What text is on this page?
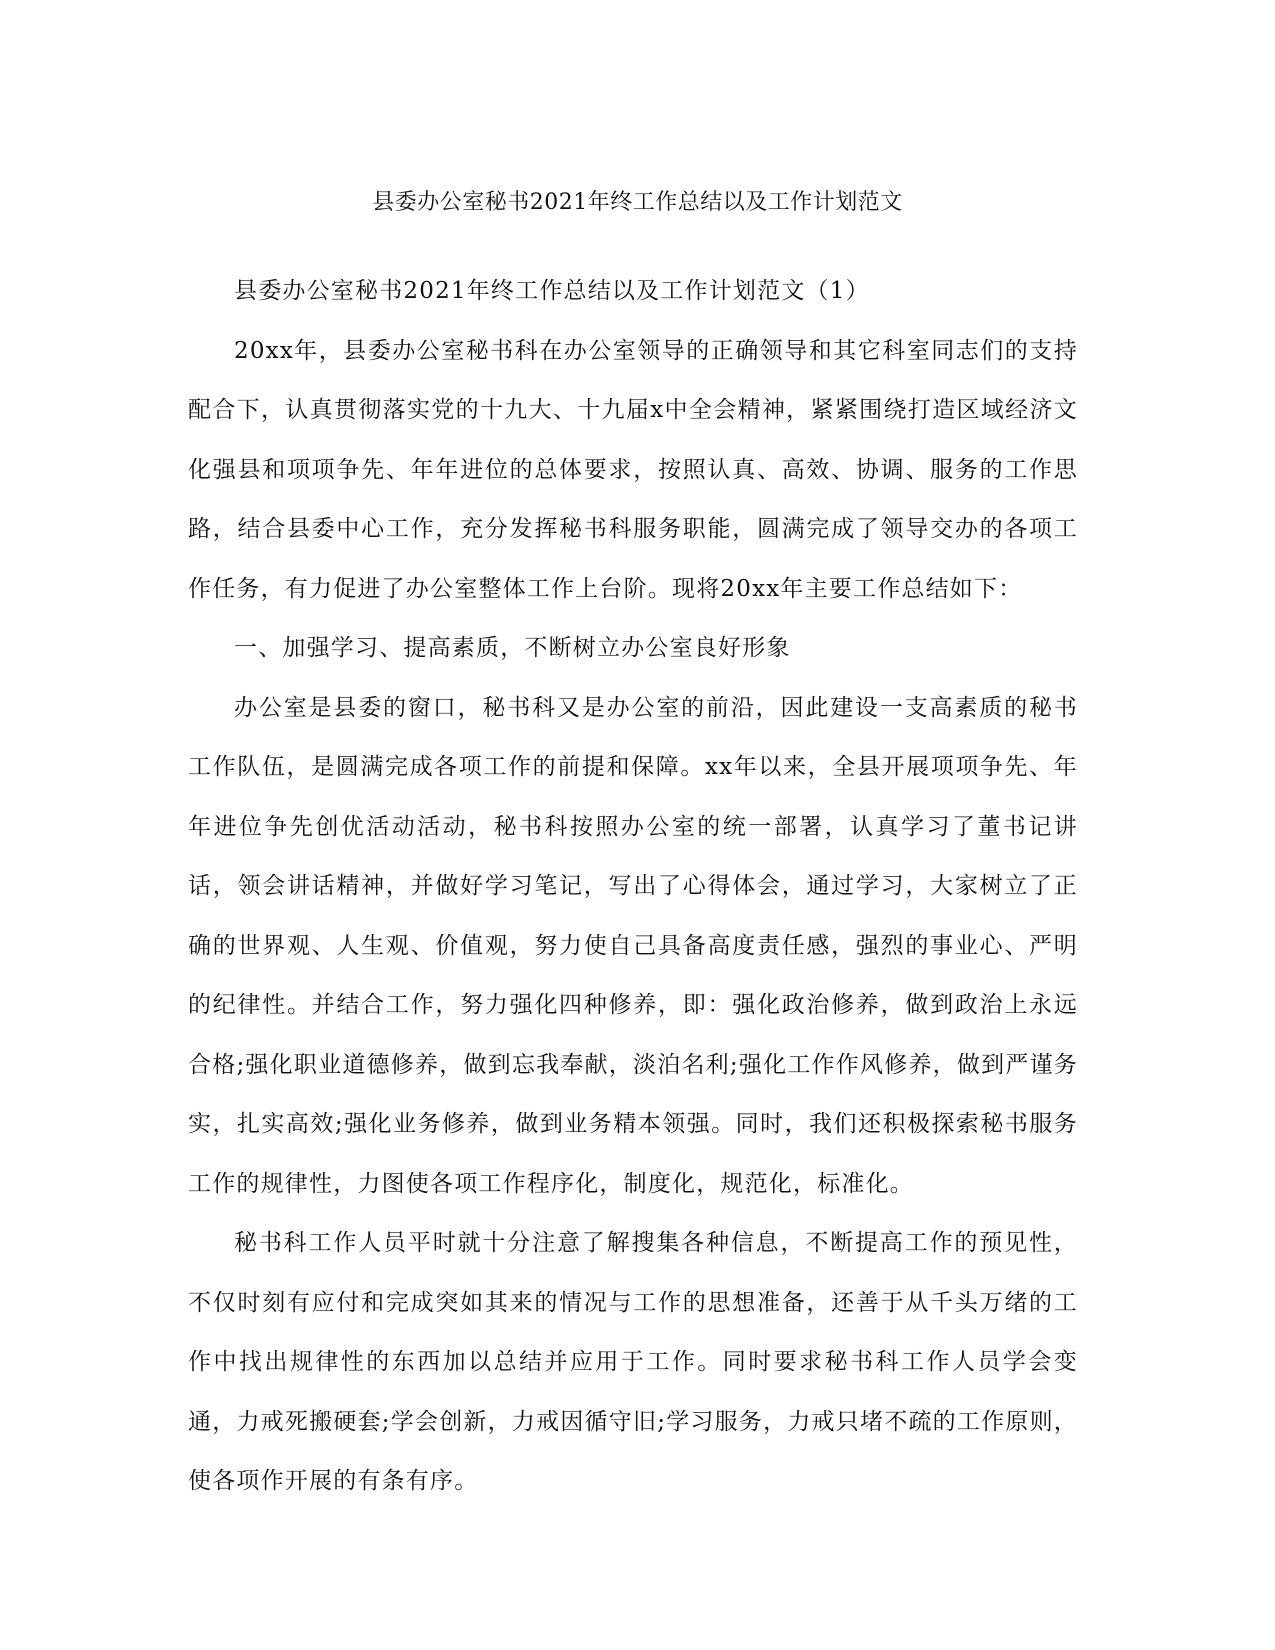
县委办公室秘书2021年终工作总结以及工作计划范文

县委办公室秘书2021年终工作总结以及工作计划范文（1）

20xx年，县委办公室秘书科在办公室领导的正确领导和其它科室同志们的支持配合下，认真贯彻落实党的十九大、十九届x中全会精神，紧紧围绕打造区域经济文化强县和项项争先、年年进位的总体要求，按照认真、高效、协调、服务的工作思路，结合县委中心工作，充分发挥秘书科服务职能，圆满完成了领导交办的各项工作任务，有力促进了办公室整体工作上台阶。现将20xx年主要工作总结如下：

一、加强学习、提高素质，不断树立办公室良好形象

办公室是县委的窗口，秘书科又是办公室的前沿，因此建设一支高素质的秘书工作队伍，是圆满完成各项工作的前提和保障。xx年以来，全县开展项项争先、年年进位争先创优活动活动，秘书科按照办公室的统一部署，认真学习了董书记讲话，领会讲话精神，并做好学习笔记，写出了心得体会，通过学习，大家树立了正确的世界观、人生观、价值观，努力使自己具备高度责任感，强烈的事业心、严明的纪律性。并结合工作，努力强化四种修养，即：强化政治修养，做到政治上永远合格;强化职业道德修养，做到忘我奉献，淡泊名利;强化工作作风修养，做到严谨务实，扎实高效;强化业务修养，做到业务精本领强。同时，我们还积极探索秘书服务工作的规律性，力图使各项工作程序化，制度化，规范化，标准化。

秘书科工作人员平时就十分注意了解搜集各种信息，不断提高工作的预见性，不仅时刻有应付和完成突如其来的情况与工作的思想准备，还善于从千头万绪的工作中找出规律性的东西加以总结并应用于工作。同时要求秘书科工作人员学会变通，力戒死搬硬套;学会创新，力戒因循守旧;学习服务，力戒只堵不疏的工作原则，使各项作开展的有条有序。
